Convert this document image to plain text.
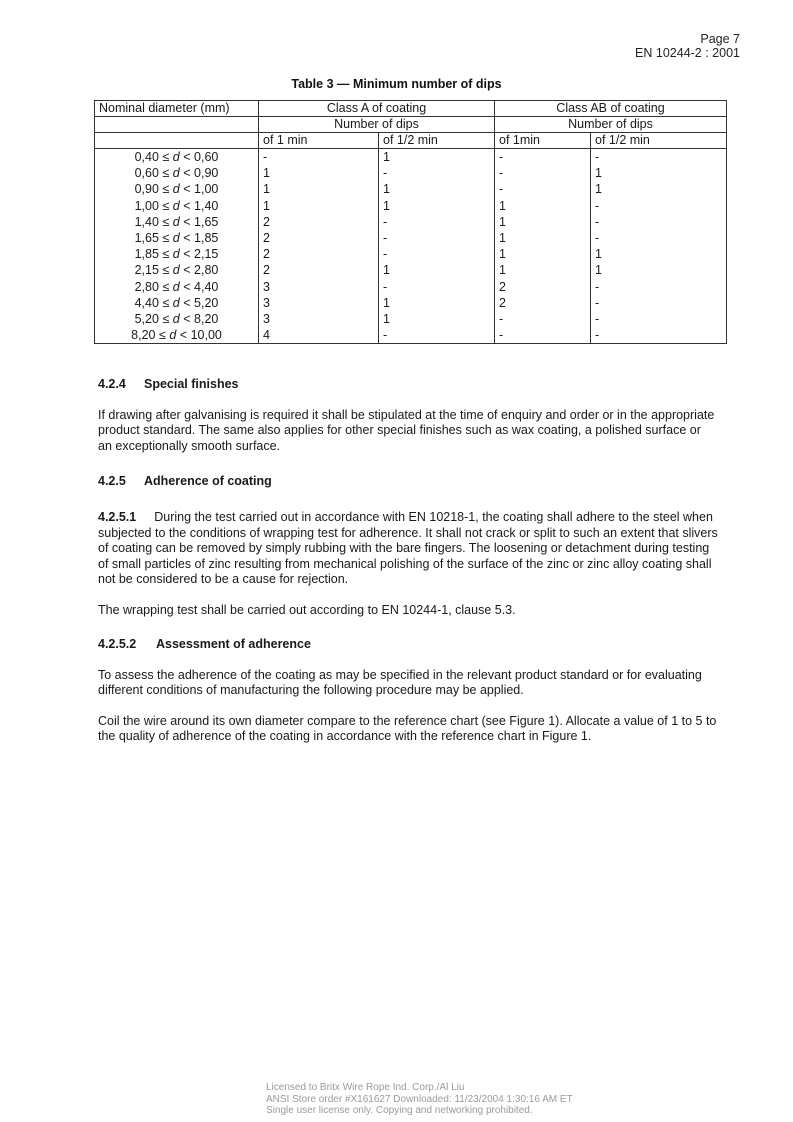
Page 7
EN 10244-2 : 2001
Table 3 — Minimum number of dips
Nominal diameter (mm)	Class A of coating		Class AB of coating	
	Number of dips		Number of dips	
	of 1 min	of 1/2 min	of 1min	of 1/2 min
0,40 ≤ d < 0,60	-	1	-	-
0,60 ≤ d < 0,90	1	-	-	1
0,90 ≤ d < 1,00	1	1	-	1
1,00 ≤ d < 1,40	1	1	1	-
1,40 ≤ d < 1,65	2	-	1	-
1,65 ≤ d < 1,85	2	-	1	-
1,85 ≤ d < 2,15	2	-	1	1
2,15 ≤ d < 2,80	2	1	1	1
2,80 ≤ d < 4,40	3	-	2	-
4,40 ≤ d < 5,20	3	1	2	-
5,20 ≤ d < 8,20	3	1	-	-
8,20 ≤ d < 10,00	4	-	-	-
4.2.4 Special finishes

If drawing after galvanising is required it shall be stipulated at the time of enquiry and order or in the appropriate product standard. The same also applies for other special finishes such as wax coating, a polished surface or an exceptionally smooth surface.

4.2.5 Adherence of coating

4.2.5.1 During the test carried out in accordance with EN 10218-1, the coating shall adhere to the steel when subjected to the conditions of wrapping test for adherence. It shall not crack or split to such an extent that slivers of coating can be removed by simply rubbing with the bare fingers. The loosening or detachment during testing of small particles of zinc resulting from mechanical polishing of the surface of the zinc or zinc alloy coating shall not be considered to be a cause for rejection.

The wrapping test shall be carried out according to EN 10244-1, clause 5.3.

4.2.5.2 Assessment of adherence

To assess the adherence of the coating as may be specified in the relevant product standard or for evaluating different conditions of manufacturing the following procedure may be applied.

Coil the wire around its own diameter compare to the reference chart (see Figure 1). Allocate a value of 1 to 5 to the quality of adherence of the coating in accordance with the reference chart in Figure 1.

Licensed to Britx Wire Rope Ind. Corp./Al Liu
ANSI Store order #X161627 Downloaded: 11/23/2004 1:30:16 AM ET
Single user license only. Copying and networking prohibited.
